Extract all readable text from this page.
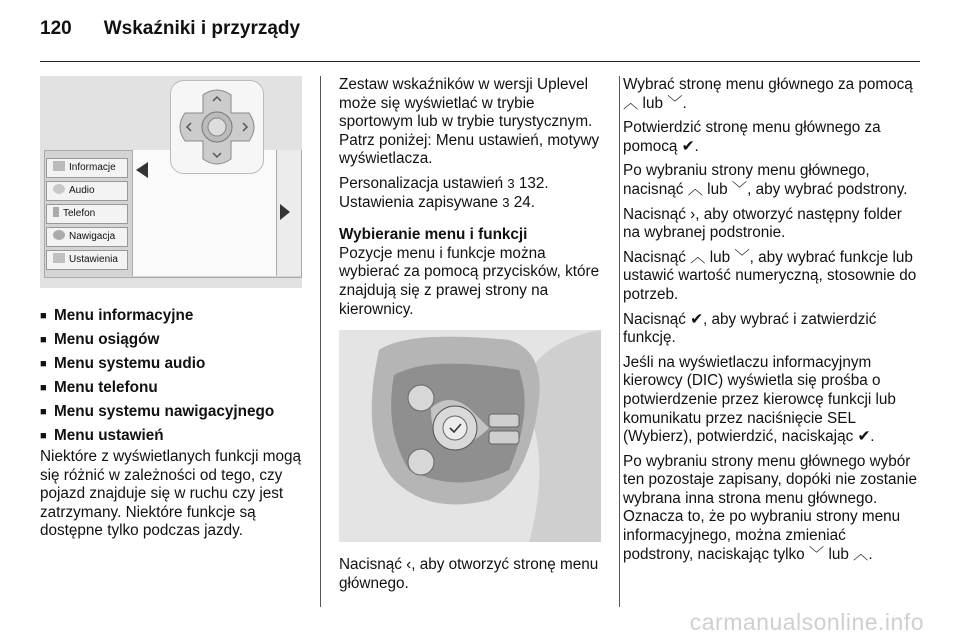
120 Wskaźniki i przyrządy
Informacje
Audio
Telefon
Nawigacja
Ustawienia
■ Menu informacyjne
■ Menu osiągów
■ Menu systemu audio
■ Menu telefonu
■ Menu systemu nawigacyjnego
■ Menu ustawień

Niektóre z wyświetlanych funkcji mogą się różnić w zależności od tego, czy pojazd znajduje się w ruchu czy jest zatrzymany. Niektóre funkcje są dostępne tylko podczas jazdy.

Zestaw wskaźników w wersji Uplevel może się wyświetlać w trybie sportowym lub w trybie turystycznym. Patrz poniżej: Menu ustawień, motywy wyświetlacza.

Personalizacja ustawień 3 132.
Ustawienia zapisywane 3 24.

Wybieranie menu i funkcji

Pozycje menu i funkcje można wybierać za pomocą przycisków, które znajdują się z prawej strony na kierownicy.

Nacisnąć ‹, aby otworzyć stronę menu głównego.

Wybrać stronę menu głównego za pomocą ︿ lub ﹀.

Potwierdzić stronę menu głównego za pomocą ✔.

Po wybraniu strony menu głównego, nacisnąć ︿ lub ﹀, aby wybrać podstrony.

Nacisnąć ›, aby otworzyć następny folder na wybranej podstronie.

Nacisnąć ︿ lub ﹀, aby wybrać funkcje lub ustawić wartość numeryczną, stosownie do potrzeb.

Nacisnąć ✔, aby wybrać i zatwierdzić funkcję.

Jeśli na wyświetlaczu informacyjnym kierowcy (DIC) wyświetla się prośba o potwierdzenie przez kierowcę funkcji lub komunikatu przez naciśnięcie SEL (Wybierz), potwierdzić, naciskając ✔.

Po wybraniu strony menu głównego wybór ten pozostaje zapisany, dopóki nie zostanie wybrana inna strona menu głównego. Oznacza to, że po wybraniu strony menu informacyjnego, można zmieniać podstrony, naciskając tylko ﹀ lub ︿.

carmanualsonline.info
